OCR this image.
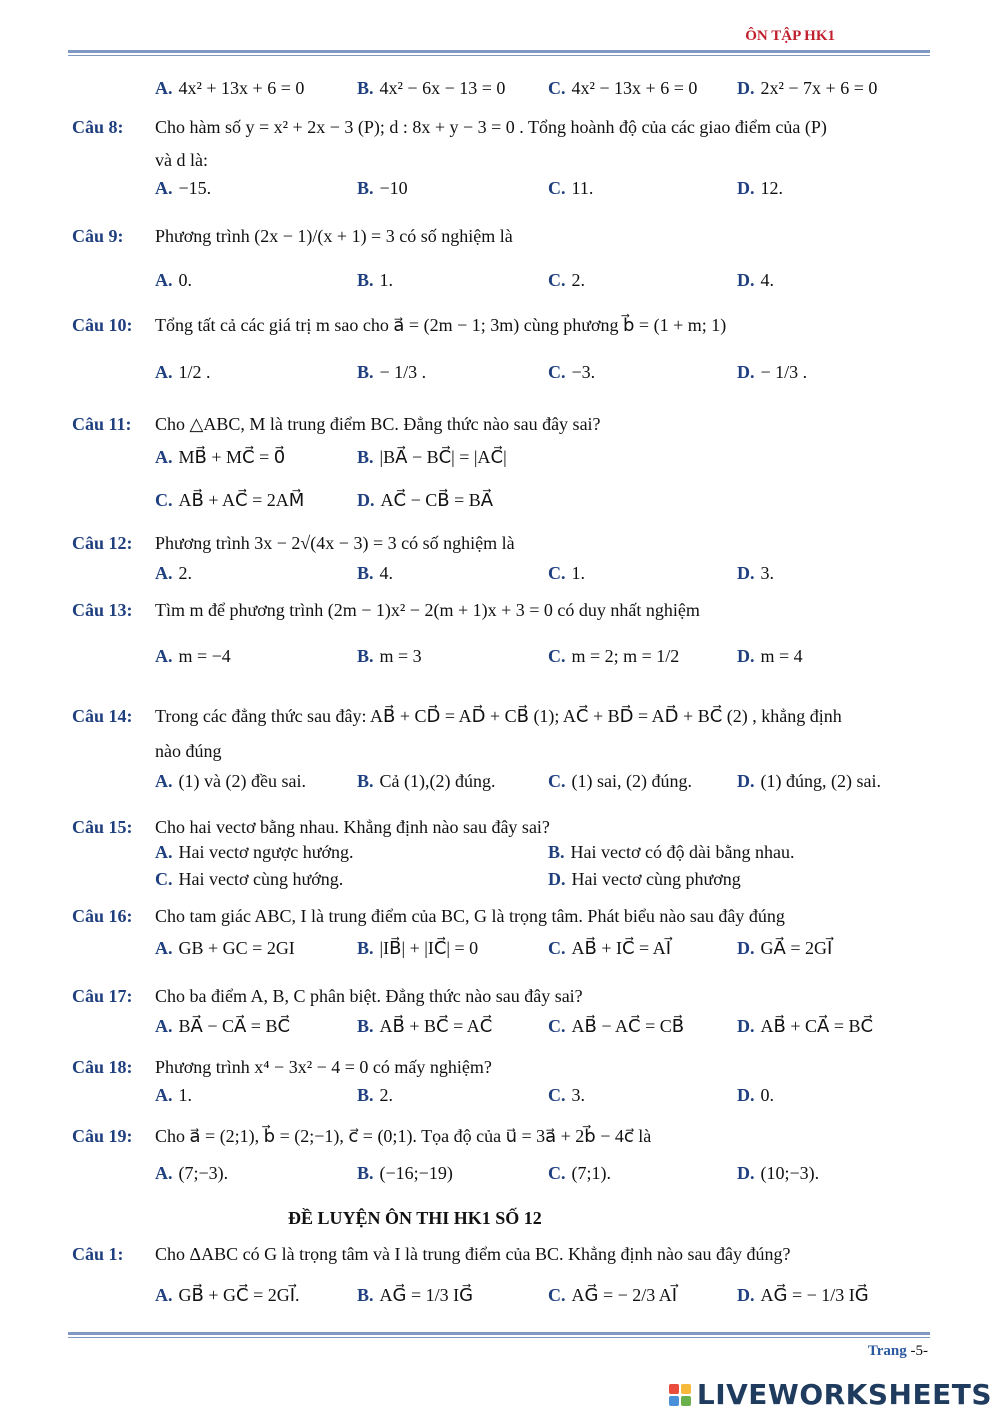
ÔN TẬP HK1
A. 4x² + 13x + 6 = 0	B. 4x² − 6x − 13 = 0 C. 4x² − 13x + 6 = 0 D. 2x² − 7x + 6 = 0
Câu 8: Cho hàm số y = x² + 2x − 3 (P); d : 8x + y − 3 = 0 . Tổng hoành độ của các giao điểm của (P)
và d là:
A. −15.	B. −10	C. 11.	D. 12.
Câu 9: Phương trình (2x − 1)/(x + 1) = 3 có số nghiệm là
A. 0.	B. 1.	C. 2.	D. 4.
Câu 10: Tổng tất cả các giá trị m sao cho a⃗ = (2m − 1; 3m) cùng phương b⃗ = (1 + m; 1)
A. 1/2 .	B. − 1/3 .	C. −3.	D. − 1/3 .
Câu 11: Cho △ABC, M là trung điểm BC. Đẳng thức nào sau đây sai?
A. MB⃗ + MC⃗ = 0⃗	B. |BA⃗ − BC⃗| = |AC⃗|
C. AB⃗ + AC⃗ = 2AM⃗	D. AC⃗ − CB⃗ = BA⃗
Câu 12: Phương trình 3x − 2√(4x − 3) = 3 có số nghiệm là
A. 2.	B. 4.	C. 1.	D. 3.
Câu 13: Tìm m để phương trình (2m − 1)x² − 2(m + 1)x + 3 = 0 có duy nhất nghiệm
A. m = −4	B. m = 3	C. m = 2; m = 1/2	D. m = 4
Câu 14: Trong các đẳng thức sau đây: AB⃗ + CD⃗ = AD⃗ + CB⃗ (1); AC⃗ + BD⃗ = AD⃗ + BC⃗ (2) , khẳng định
nào đúng
A. (1) và (2) đều sai.	B. Cả (1),(2) đúng.	C. (1) sai, (2) đúng.	D. (1) đúng, (2) sai.
Câu 15: Cho hai vectơ bằng nhau. Khẳng định nào sau đây sai?
A. Hai vectơ ngược hướng.	B. Hai vectơ có độ dài bằng nhau.
C. Hai vectơ cùng hướng.	D. Hai vectơ cùng phương
Câu 16: Cho tam giác ABC, I là trung điểm của BC, G là trọng tâm. Phát biểu nào sau đây đúng
A. GB + GC = 2GI	B. |IB⃗| + |IC⃗| = 0	C. AB⃗ + IC⃗ = AI⃗	D. GA⃗ = 2GI⃗
Câu 17: Cho ba điểm A, B, C phân biệt. Đẳng thức nào sau đây sai?
A. BA⃗ − CA⃗ = BC⃗	B. AB⃗ + BC⃗ = AC⃗	C. AB⃗ − AC⃗ = CB⃗	D. AB⃗ + CA⃗ = BC⃗
Câu 18: Phương trình x⁴ − 3x² − 4 = 0 có mấy nghiệm?
A. 1.	B. 2.	C. 3.	D. 0.
Câu 19: Cho a⃗ = (2;1), b⃗ = (2;−1), c⃗ = (0;1). Tọa độ của u⃗ = 3a⃗ + 2b⃗ − 4c⃗ là
A. (7;−3).	B. (−16;−19)	C. (7;1).	D. (10;−3).
Câu 1: Cho ΔABC có G là trọng tâm và I là trung điểm của BC. Khẳng định nào sau đây đúng?
A. GB⃗ + GC⃗ = 2GI⃗.	B. AG⃗ = 1/3 IG⃗	C. AG⃗ = − 2/3 AI⃗	D. AG⃗ = − 1/3 IG⃗
ĐỀ LUYỆN ÔN THI HK1 SỐ 12
Trang -5-
LIVEWORKSHEETS
